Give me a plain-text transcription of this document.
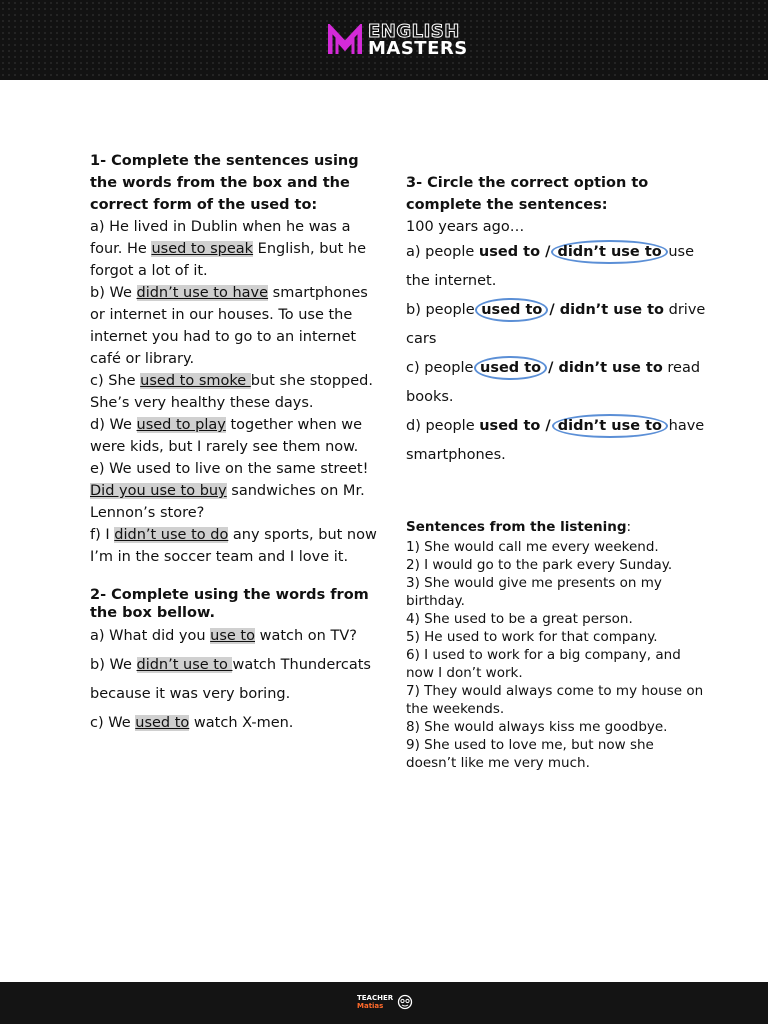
ENGLISH
MASTERS

1- Complete the sentences using the words from the box and the correct form of the used to:

a) He lived in Dublin when he was a four. He used to speak English, but he forgot a lot of it.

b) We didn’t use to have smartphones or internet in our houses. To use the internet you had to go to an internet café or library.

c) She used to smoke but she stopped. She’s very healthy these days.

d) We used to play together when we were kids, but I rarely see them now.

e) We used to live on the same street! Did you use to buy sandwiches on Mr. Lennon’s store?

f) I didn’t use to do any sports, but now I’m in the soccer team and I love it.

2- Complete using the words from the box bellow.

a) What did you use to watch on TV?

b) We didn’t use to watch Thundercats because it was very boring.

c) We used to watch X-men.

3- Circle the correct option to complete the sentences:

100 years ago…

a) people used to / didn’t use to use the internet.

b) people used to / didn’t use to drive cars

c) people used to / didn’t use to read books.

d) people used to / didn’t use to have smartphones.

Sentences from the listening:

1) She would call me every weekend.

2) I would go to the park every Sunday.

3) She would give me presents on my birthday.

4) She used to be a great person.

5) He used to work for that company.

6) I used to work for a big company, and now I don’t work.

7) They would always come to my house on the weekends.

8) She would always kiss me goodbye.

9) She used to love me, but now she doesn’t like me very much.

TEACHER
Matias
